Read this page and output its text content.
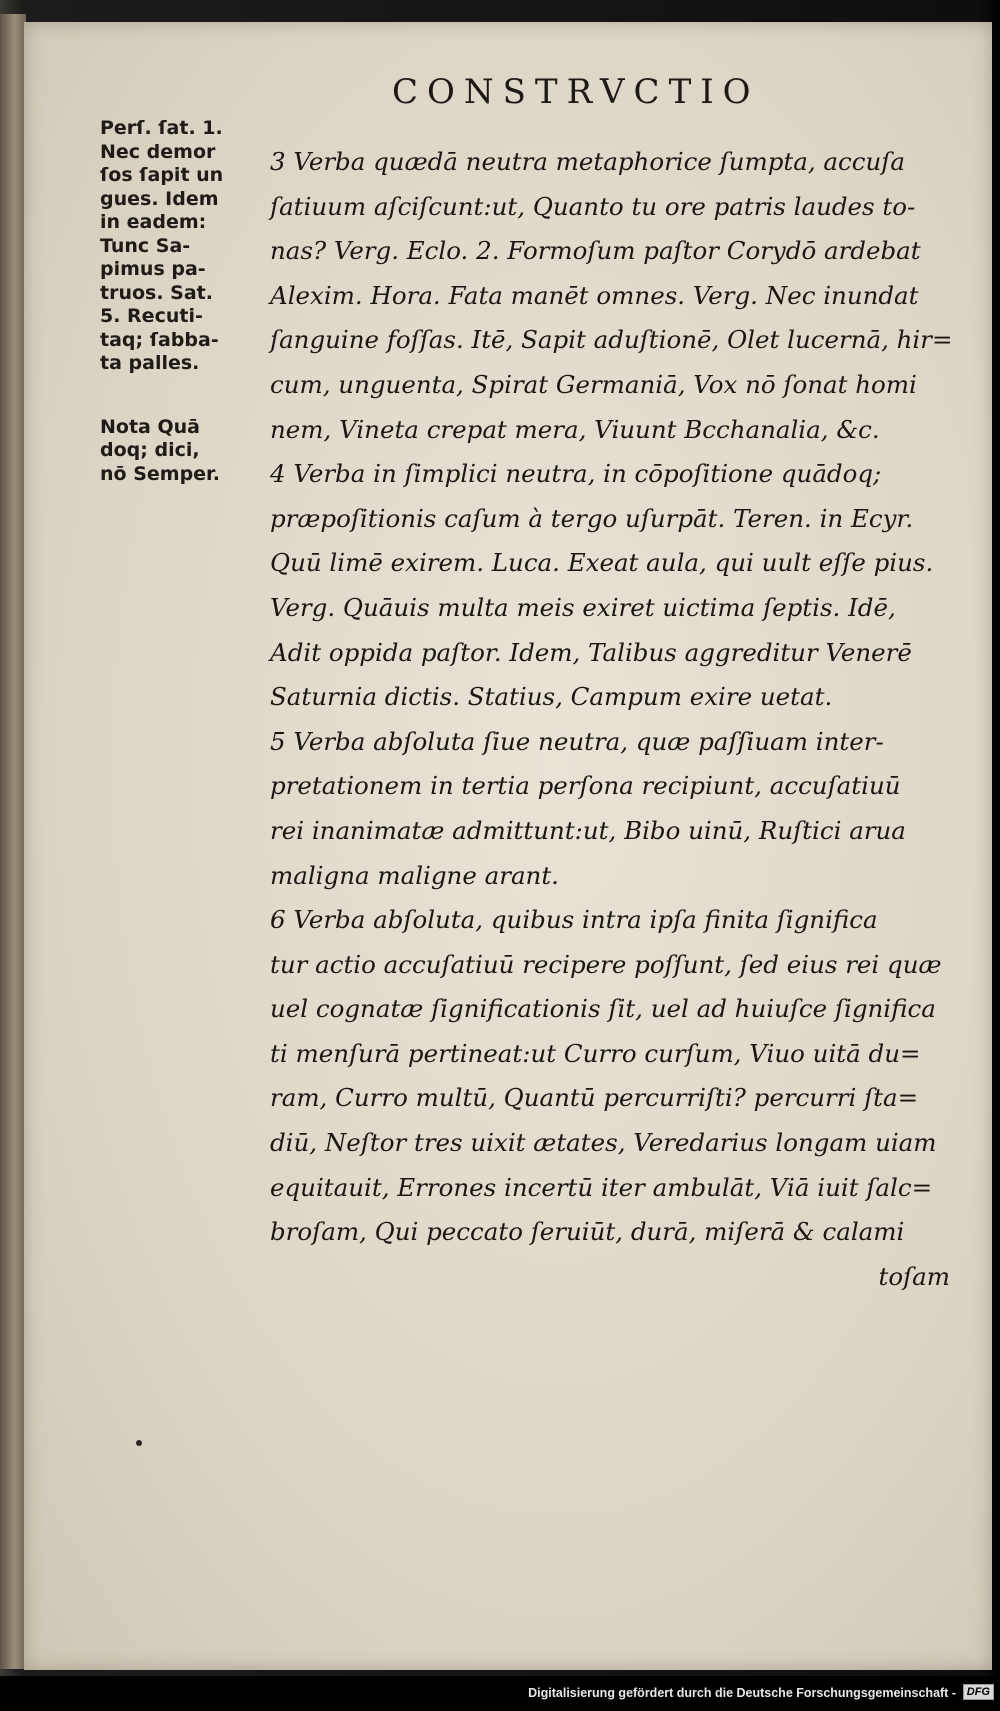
CONSTRVCTIO
Perſ. ſat. 1.
Nec demor
ſos ſapit un
gues. Idem
in eadem:
Tunc Sa-
pimus pa-
truos. Sat.
5. Recuti-
taq; ſabba-
ta palles.
Nota Quā
doq; dici,
nō Semper.
3 Verba quædā neutra metaphorice ſumpta, accuſa
ſatiuum aſciſcunt:ut, Quanto tu ore patris laudes to-
nas? Verg. Eclo. 2. Formoſum paſtor Corydō ardebat
Alexim. Hora. Fata manēt omnes. Verg. Nec inundat
ſanguine foſſas. Itē, Sapit aduſtionē, Olet lucernā, hir=
cum, unguenta, Spirat Germaniā, Vox nō ſonat homi
nem, Vineta crepat mera, Viuunt Bcchanalia, &c.
4 Verba in ſimplici neutra, in cōpoſitione quādoq;
præpoſitionis caſum à tergo uſurpāt. Teren. in Ecyr.
Quū limē exirem. Luca. Exeat aula, qui uult eſſe pius.
Verg. Quāuis multa meis exiret uictima ſeptis. Idē,
Adit oppida paſtor. Idem, Talibus aggreditur Venerē
Saturnia dictis. Statius, Campum exire uetat.
5 Verba abſoluta ſiue neutra, quæ paſſiuam inter-
pretationem in tertia perſona recipiunt, accuſatiuū
rei inanimatæ admittunt:ut, Bibo uinū, Ruſtici arua
maligna maligne arant.
6 Verba abſoluta, quibus intra ipſa finita ſignifica
tur actio accuſatiuū recipere poſſunt, ſed eius rei quæ
uel cognatæ ſignificationis ſit, uel ad huiuſce ſignifica
ti menſurā pertineat:ut Curro curſum, Viuo uitā du=
ram, Curro multū, Quantū percurriſti? percurri ſta=
diū, Neſtor tres uixit ætates, Veredarius longam uiam
equitauit, Errones incertū iter ambulāt, Viā iuit ſalc=
broſam, Qui peccato ſeruiūt, durā, miſerā & calami
toſam
Digitalisierung gefördert durch die Deutsche Forschungsgemeinschaft - DFG
